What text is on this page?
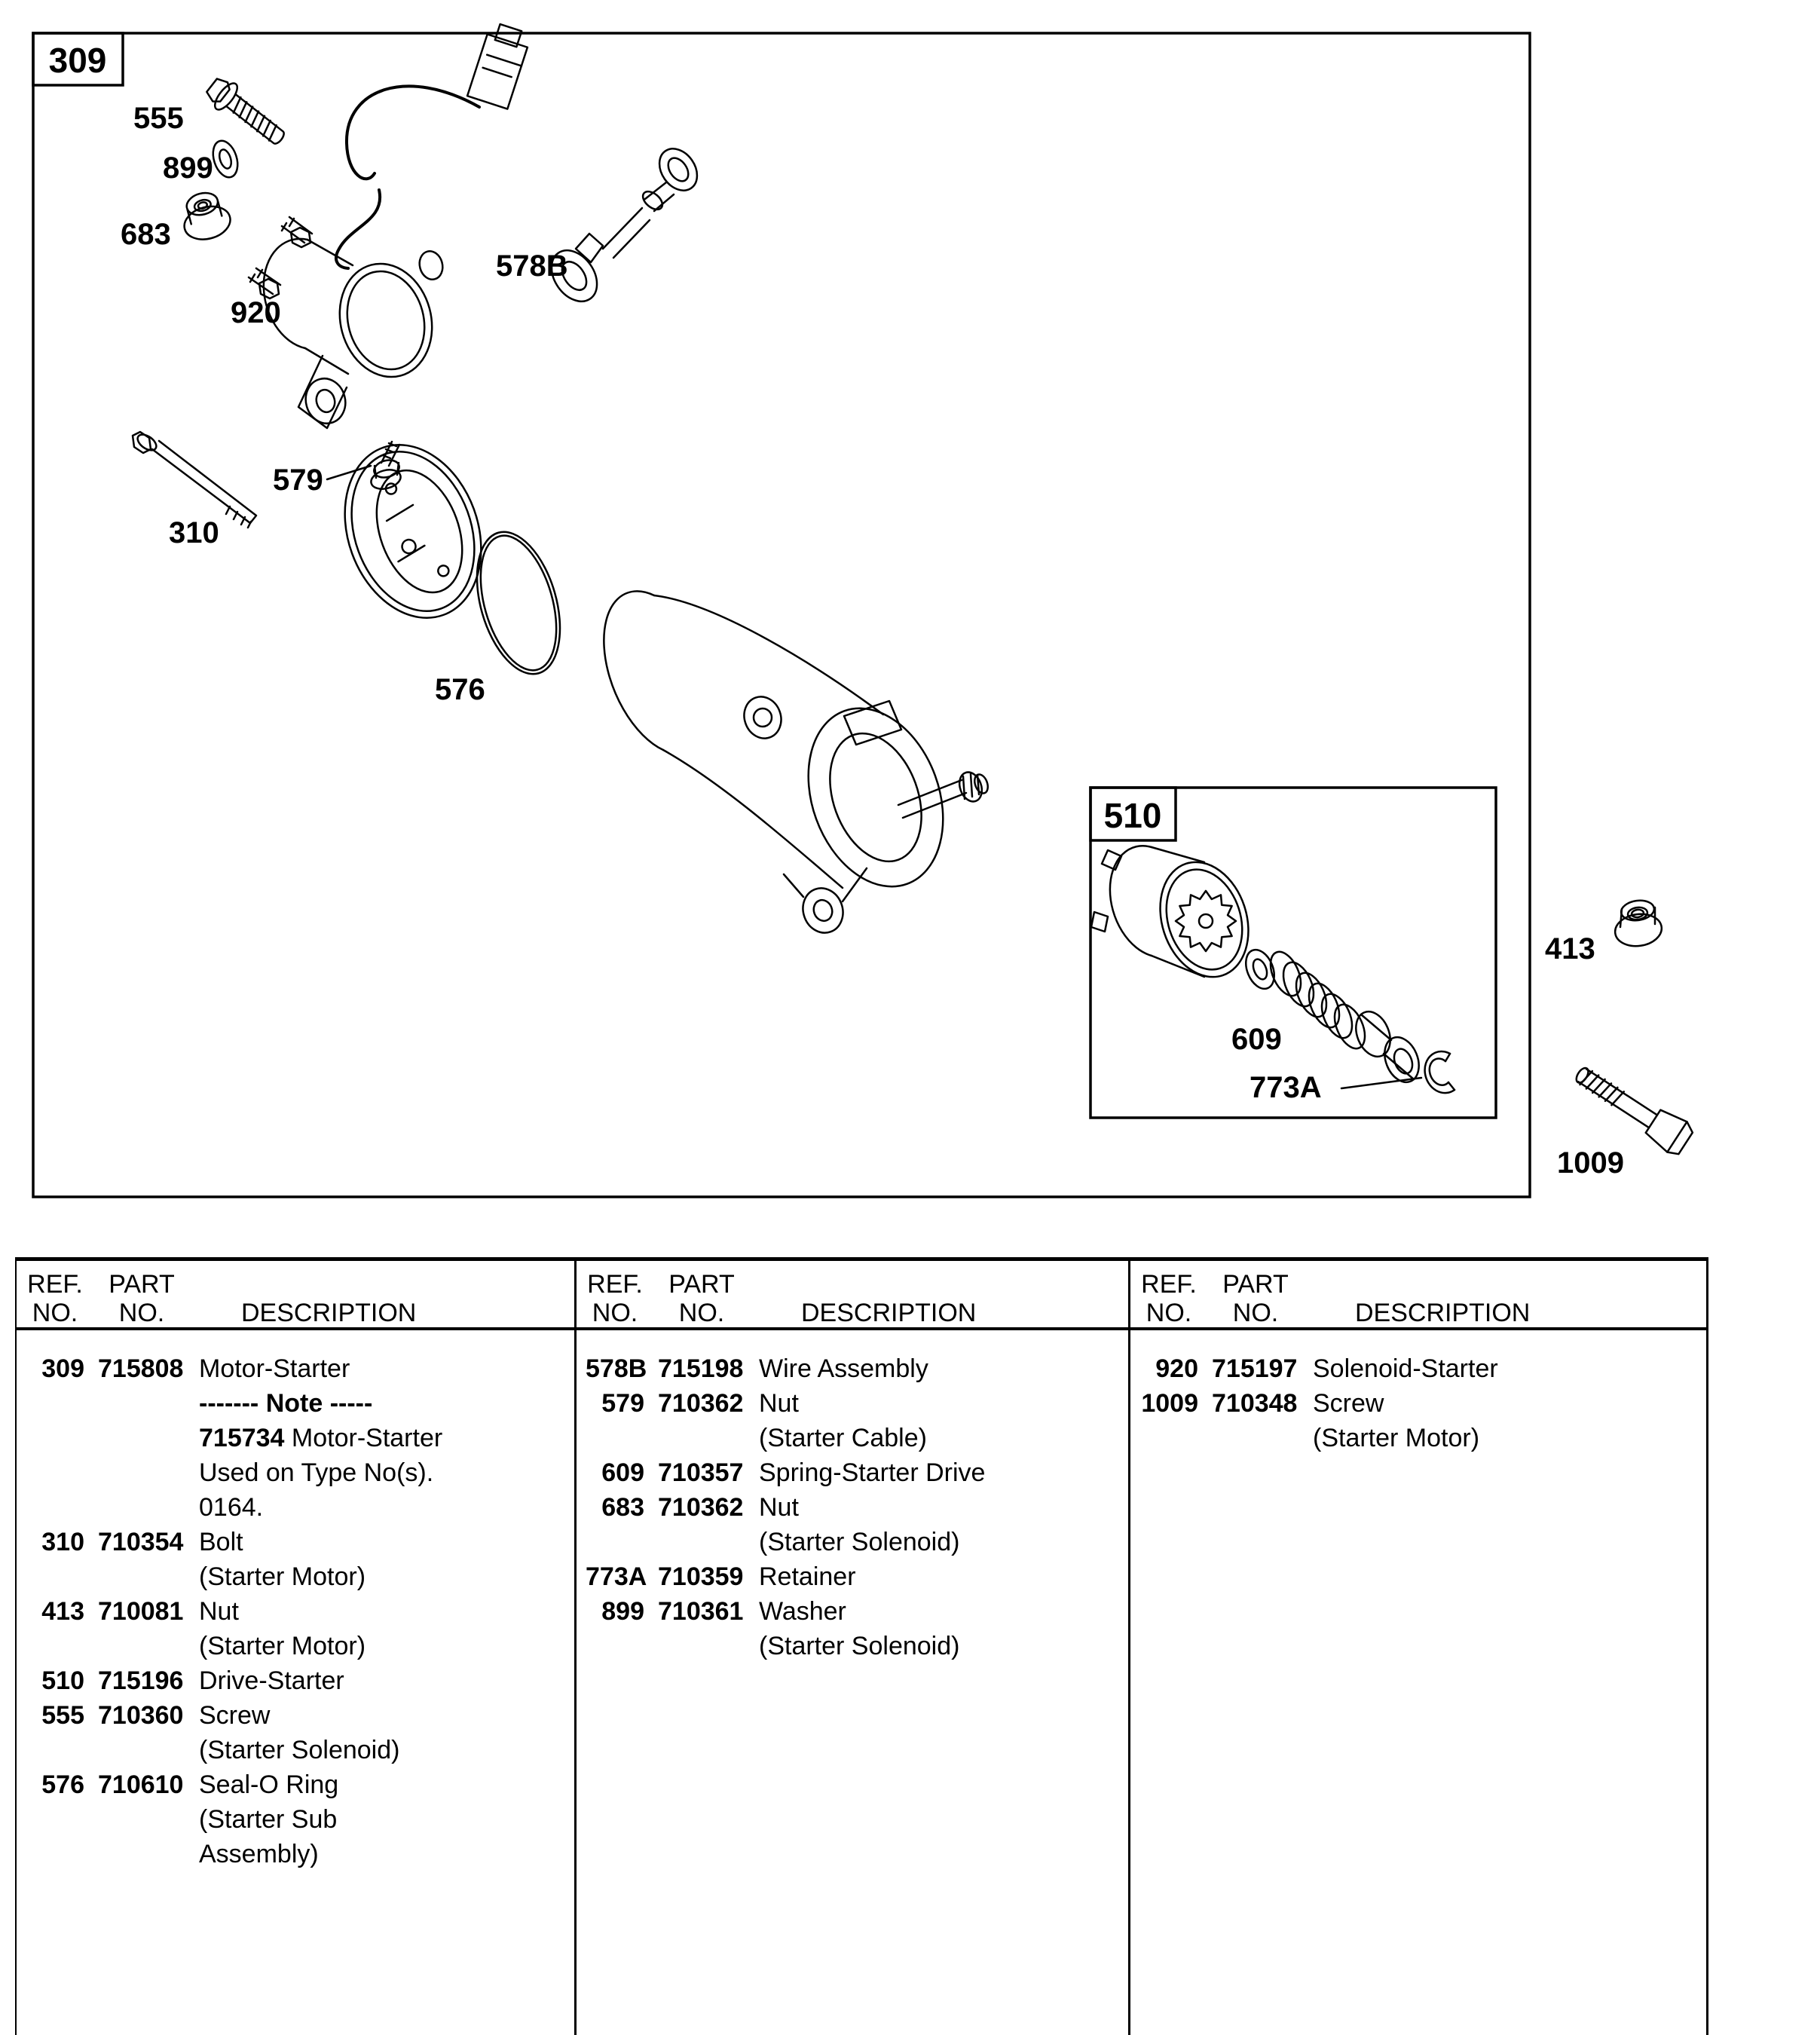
309
555
899
683
920
578B
310
579
576
510
609
773A
413
1009
REF.
NO.
PART
NO.
	DESCRIPTION
309 715808 Motor-Starter
------- Note -----
715734 Motor-Starter
Used on Type No(s).
0164.
310 710354 Bolt
(Starter Motor)
413 710081 Nut
(Starter Motor)
510 715196 Drive-Starter
555 710360 Screw
(Starter Solenoid)
576 710610 Seal-O Ring
(Starter Sub
Assembly)
REF.
NO.
PART
NO.
	DESCRIPTION
578B 715198 Wire Assembly
579 710362 Nut
(Starter Cable)
609 710357 Spring-Starter Drive
683 710362 Nut
(Starter Solenoid)
773A 710359 Retainer
899 710361 Washer
(Starter Solenoid)
REF.
NO.
PART
NO.
	DESCRIPTION
920 715197 Solenoid-Starter
1009 710348 Screw
(Starter Motor)
